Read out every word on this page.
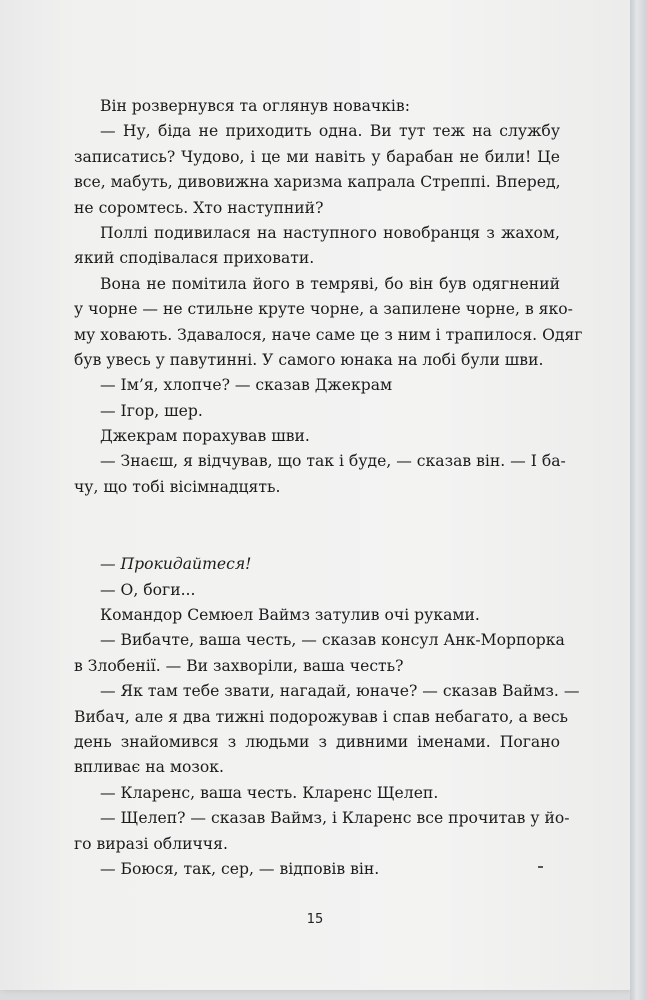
Він розвернувся та оглянув новачків:
— Ну, біда не приходить одна. Ви тут теж на службу
записатись? Чудово, і це ми навіть у барабан не били! Це
все, мабуть, дивовижна харизма капрала Стреппі. Вперед,
не соромтесь. Хто наступний?
Поллі подивилася на наступного новобранця з жахом,
який сподівалася приховати.
Вона не помітила його в темряві, бо він був одягнений
у чорне — не стильне круте чорне, а запилене чорне, в яко-
му ховають. Здавалося, наче саме це з ним і трапилося. Одяг
був увесь у павутинні. У самого юнака на лобі були шви.
— Ім’я, хлопче? — сказав Джекрам
— Ігор, шер.
Джекрам порахував шви.
— Знаєш, я відчував, що так і буде, — сказав він. — І ба-
чу, що тобі вісімнадцять.
— Прокидайтеся!
— О, боги...
Командор Семюел Ваймз затулив очі руками.
— Вибачте, ваша честь, — сказав консул Анк-Морпорка
в Злобенії. — Ви захворіли, ваша честь?
— Як там тебе звати, нагадай, юначе? — сказав Ваймз. —
Вибач, але я два тижні подорожував і спав небагато, а весь
день знайомився з людьми з дивними іменами. Погано
впливає на мозок.
— Кларенс, ваша честь. Кларенс Щелеп.
— Щелеп? — сказав Ваймз, і Кларенс все прочитав у йо-
го виразі обличчя.
— Боюся, так, сер, — відповів він.
15
